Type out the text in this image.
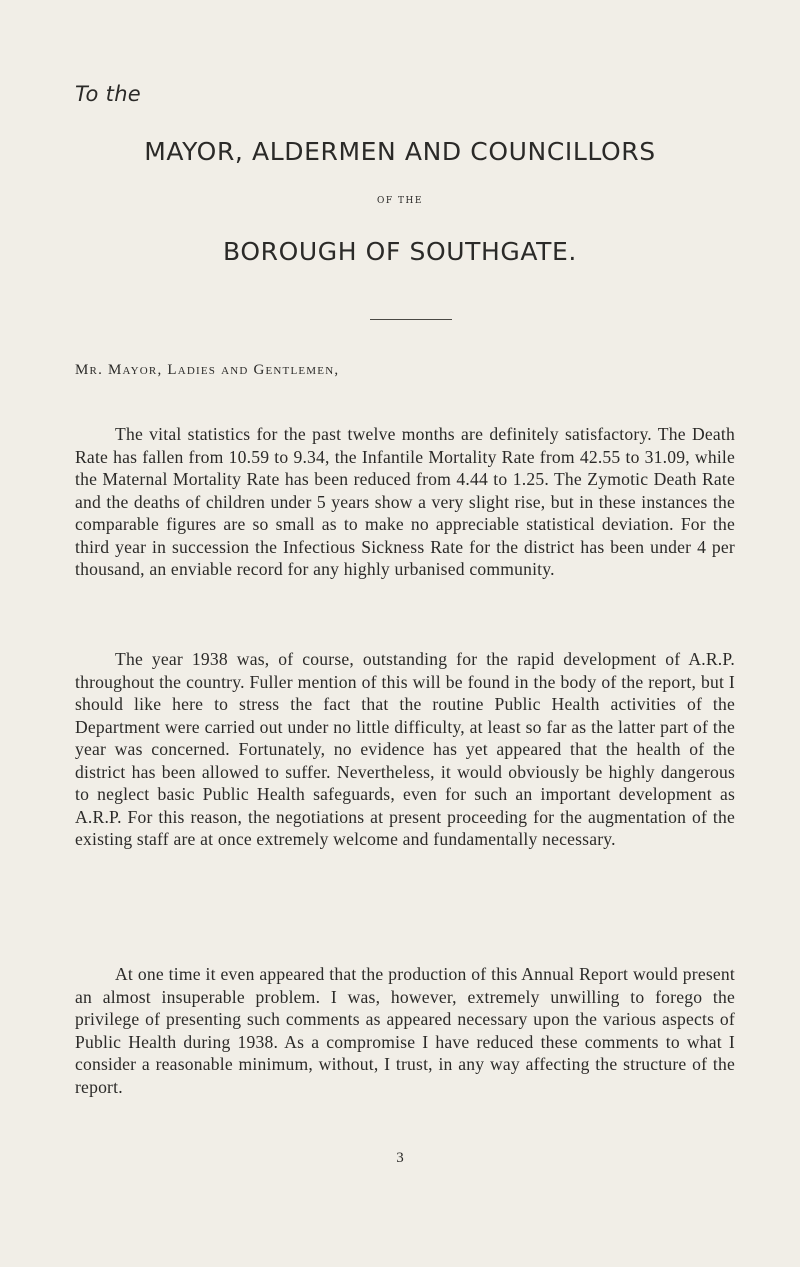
To the

MAYOR, ALDERMEN AND COUNCILLORS
OF THE
BOROUGH OF SOUTHGATE.
Mr. Mayor, Ladies and Gentlemen,

The vital statistics for the past twelve months are definitely satisfactory. The Death Rate has fallen from 10.59 to 9.34, the Infantile Mortality Rate from 42.55 to 31.09, while the Maternal Mortality Rate has been reduced from 4.44 to 1.25. The Zymotic Death Rate and the deaths of children under 5 years show a very slight rise, but in these instances the comparable figures are so small as to make no appreciable statistical deviation. For the third year in succession the Infectious Sickness Rate for the district has been under 4 per thousand, an enviable record for any highly urbanised community.

The year 1938 was, of course, outstanding for the rapid development of A.R.P. throughout the country. Fuller mention of this will be found in the body of the report, but I should like here to stress the fact that the routine Public Health activities of the Department were carried out under no little difficulty, at least so far as the latter part of the year was concerned. Fortunately, no evidence has yet appeared that the health of the district has been allowed to suffer. Nevertheless, it would obviously be highly dangerous to neglect basic Public Health safeguards, even for such an important development as A.R.P. For this reason, the negotiations at present proceeding for the augmentation of the existing staff are at once extremely welcome and fundamentally necessary.

At one time it even appeared that the production of this Annual Report would present an almost insuperable problem. I was, however, extremely unwilling to forego the privilege of presenting such comments as appeared necessary upon the various aspects of Public Health during 1938. As a compromise I have reduced these comments to what I consider a reasonable minimum, without, I trust, in any way affecting the structure of the report.

3
